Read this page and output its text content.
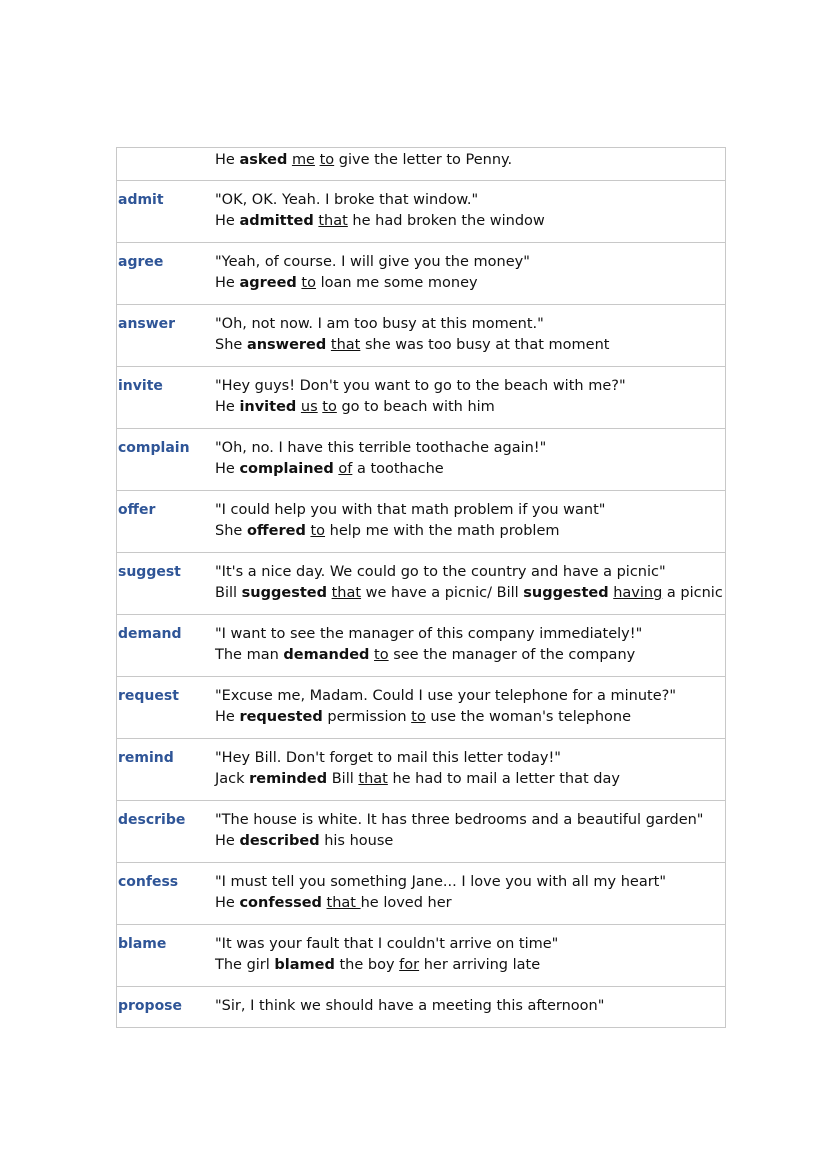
	He asked me to give the letter to Penny.

admit	"OK, OK. Yeah. I broke that window."
He admitted that he had broken the window

agree	"Yeah, of course. I will give you the money"
He agreed to loan me some money

answer	"Oh, not now. I am too busy at this moment."
She answered that she was too busy at that moment

invite	"Hey guys! Don't you want to go to the beach with me?"
He invited us to go to beach with him

complain	"Oh, no. I have this terrible toothache again!"
He complained of a toothache

offer	"I could help you with that math problem if you want"
She offered to help me with the math problem

suggest	"It's a nice day. We could go to the country and have a picnic"
Bill suggested that we have a picnic/ Bill suggested having a picnic

demand	"I want to see the manager of this company immediately!"
The man demanded to see the manager of the company

request	"Excuse me, Madam. Could I use your telephone for a minute?"
He requested permission to use the woman's telephone

remind	"Hey Bill. Don't forget to mail this letter today!"
Jack reminded Bill that he had to mail a letter that day

describe	"The house is white. It has three bedrooms and a beautiful garden"
He described his house

confess	"I must tell you something Jane... I love you with all my heart"
He confessed that he loved her

blame	"It was your fault that I couldn't arrive on time"
The girl blamed the boy for her arriving late

propose	"Sir, I think we should have a meeting this afternoon"
